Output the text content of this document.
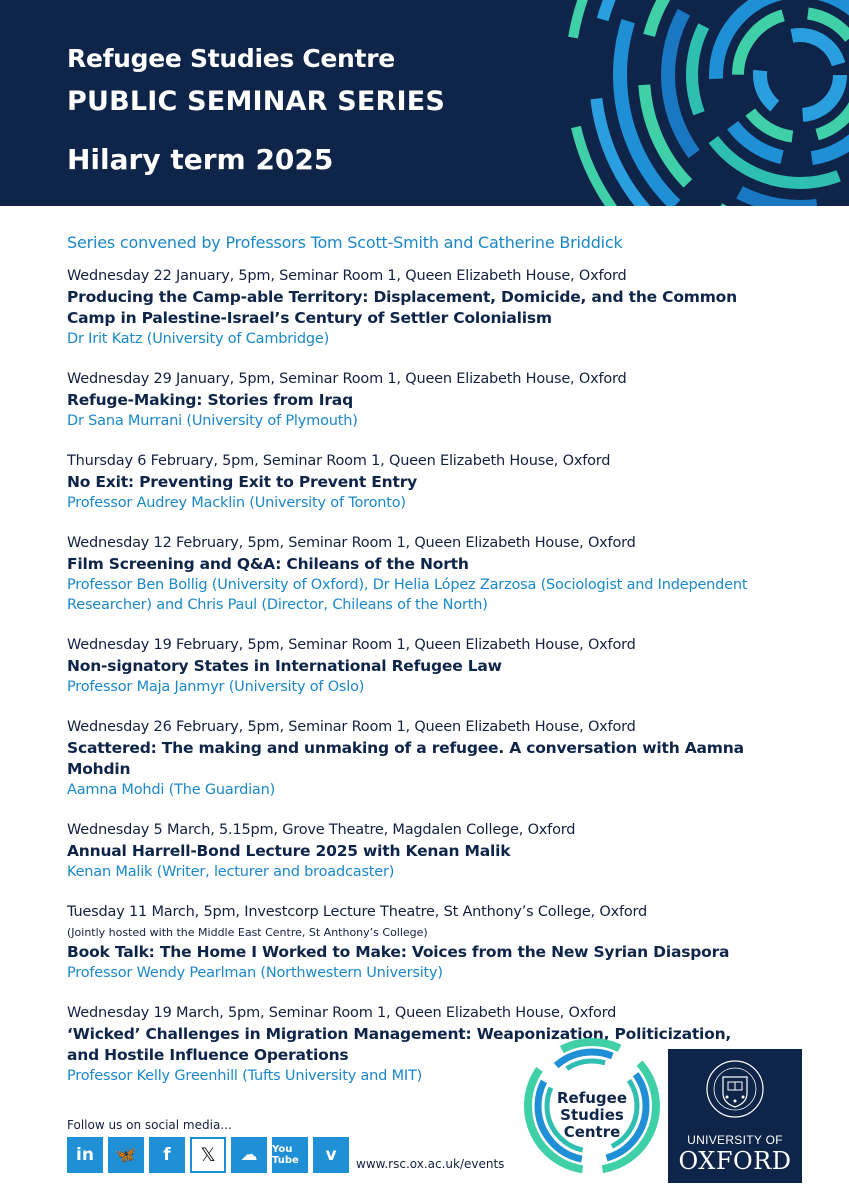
Refugee Studies Centre
PUBLIC SEMINAR SERIES
Hilary term 2025
Series convened by Professors Tom Scott-Smith and Catherine Briddick
Wednesday 22 January, 5pm, Seminar Room 1, Queen Elizabeth House, Oxford
Producing the Camp-able Territory: Displacement, Domicide, and the Common Camp in Palestine-Israel’s Century of Settler Colonialism
Dr Irit Katz (University of Cambridge)
Wednesday 29 January, 5pm, Seminar Room 1, Queen Elizabeth House, Oxford
Refuge-Making: Stories from Iraq
Dr Sana Murrani (University of Plymouth)
Thursday 6 February, 5pm, Seminar Room 1, Queen Elizabeth House, Oxford
No Exit: Preventing Exit to Prevent Entry
Professor Audrey Macklin (University of Toronto)
Wednesday 12 February, 5pm, Seminar Room 1, Queen Elizabeth House, Oxford
Film Screening and Q&A: Chileans of the North
Professor Ben Bollig (University of Oxford), Dr Helia López Zarzosa (Sociologist and Independent Researcher) and Chris Paul (Director, Chileans of the North)
Wednesday 19 February, 5pm, Seminar Room 1, Queen Elizabeth House, Oxford
Non-signatory States in International Refugee Law
Professor Maja Janmyr (University of Oslo)
Wednesday 26 February, 5pm, Seminar Room 1, Queen Elizabeth House, Oxford
Scattered: The making and unmaking of a refugee. A conversation with Aamna Mohdin
Aamna Mohdi (The Guardian)
Wednesday 5 March, 5.15pm, Grove Theatre, Magdalen College, Oxford
Annual Harrell-Bond Lecture 2025 with Kenan Malik
Kenan Malik (Writer, lecturer and broadcaster)
Tuesday 11 March, 5pm, Investcorp Lecture Theatre, St Anthony’s College, Oxford
(Jointly hosted with the Middle East Centre, St Anthony’s College)
Book Talk: The Home I Worked to Make: Voices from the New Syrian Diaspora
Professor Wendy Pearlman (Northwestern University)
Wednesday 19 March, 5pm, Seminar Room 1, Queen Elizabeth House, Oxford
‘Wicked’ Challenges in Migration Management: Weaponization, Politicization, and Hostile Influence Operations
Professor Kelly Greenhill (Tufts University and MIT)
Follow us on social media...
in	🦋	f	𝕏	☁	You Tube	v	www.rsc.ox.ac.uk/events
Refugee
Studies
Centre	UNIVERSITY OF
OXFORD
